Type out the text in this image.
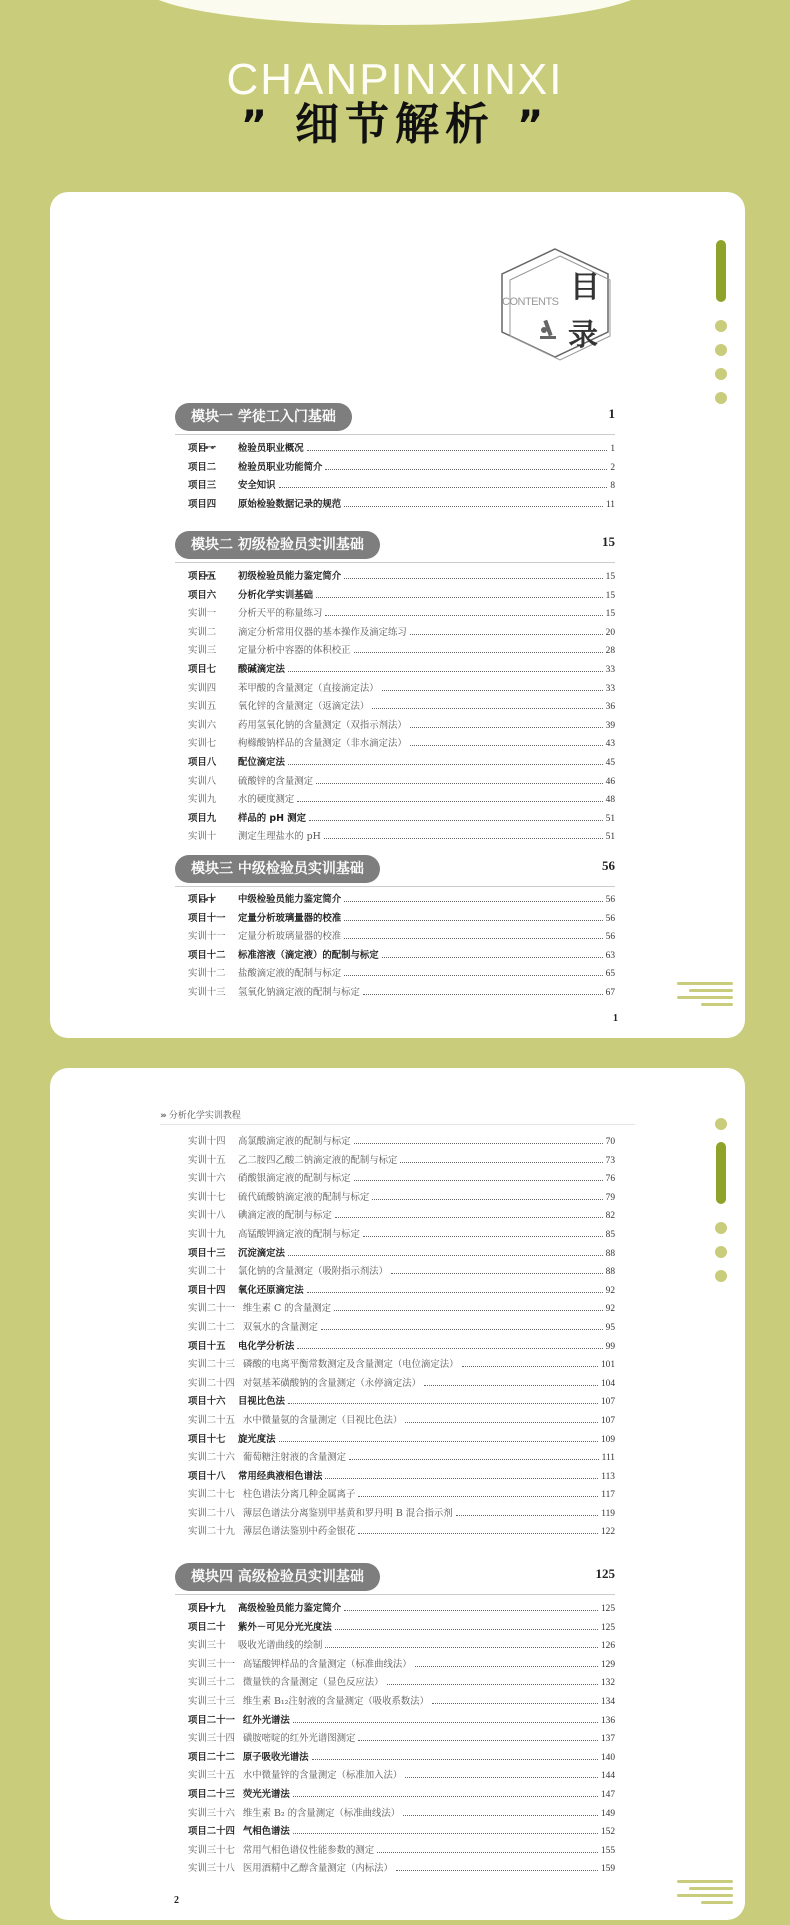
CHANPINXINXI
” 细节解析 ”
CONTENTS 目
录
模块一 学徒工入门基础	1
项目一	检验员职业概况	1
项目二	检验员职业功能简介	2
项目三	安全知识	8
项目四	原始检验数据记录的规范	11
模块二 初级检验员实训基础	15
项目五	初级检验员能力鉴定简介	15
项目六	分析化学实训基础	15
实训一	分析天平的称量练习	15
实训二	滴定分析常用仪器的基本操作及滴定练习	20
实训三	定量分析中容器的体积校正	28
项目七	酸碱滴定法	33
实训四	苯甲酸的含量测定（直接滴定法）	33
实训五	氧化锌的含量测定（返滴定法）	36
实训六	药用氢氧化钠的含量测定（双指示剂法）	39
实训七	枸橼酸钠样品的含量测定（非水滴定法）	43
项目八	配位滴定法	45
实训八	硫酸锌的含量测定	46
实训九	水的硬度测定	48
项目九	样品的 pH 测定	51
实训十	测定生理盐水的 pH	51
模块三 中级检验员实训基础	56
项目十	中级检验员能力鉴定简介	56
项目十一	定量分析玻璃量器的校准	56
实训十一	定量分析玻璃量器的校准	56
项目十二	标准溶液（滴定液）的配制与标定	63
实训十二	盐酸滴定液的配制与标定	65
实训十三	氢氧化钠滴定液的配制与标定	67
1
››› 分析化学实训教程
实训十四	高氯酸滴定液的配制与标定	70
实训十五	乙二胺四乙酸二钠滴定液的配制与标定	73
实训十六	硝酸银滴定液的配制与标定	76
实训十七	硫代硫酸钠滴定液的配制与标定	79
实训十八	碘滴定液的配制与标定	82
实训十九	高锰酸钾滴定液的配制与标定	85
项目十三	沉淀滴定法	88
实训二十	氯化钠的含量测定（吸附指示剂法）	88
项目十四	氧化还原滴定法	92
实训二十一 维生素 C 的含量测定	92
实训二十二 双氧水的含量测定	95
项目十五	电化学分析法	99
实训二十三 磷酸的电离平衡常数测定及含量测定（电位滴定法）	101
实训二十四 对氨基苯磺酸钠的含量测定（永停滴定法）	104
项目十六	目视比色法	107
实训二十五 水中微量氨的含量测定（目视比色法）	107
项目十七	旋光度法	109
实训二十六 葡萄糖注射液的含量测定	111
项目十八	常用经典液相色谱法	113
实训二十七 柱色谱法分离几种金属离子	117
实训二十八 薄层色谱法分离鉴别甲基黄和罗丹明 B 混合指示剂	119
实训二十九 薄层色谱法鉴别中药金银花	122
模块四 高级检验员实训基础	125
项目十九	高级检验员能力鉴定简介	125
项目二十	紫外－可见分光光度法	125
实训三十	吸收光谱曲线的绘制	126
实训三十一 高锰酸钾样品的含量测定（标准曲线法）	129
实训三十二 微量铁的含量测定（显色反应法）	132
实训三十三 维生素 B₁₂注射液的含量测定（吸收系数法）	134
项目二十一 红外光谱法	136
实训三十四 磺胺嘧啶的红外光谱图测定	137
项目二十二 原子吸收光谱法	140
实训三十五 水中微量锌的含量测定（标准加入法）	144
项目二十三 荧光光谱法	147
实训三十六 维生素 B₂ 的含量测定（标准曲线法）	149
项目二十四 气相色谱法	152
实训三十七 常用气相色谱仪性能参数的测定	155
实训三十八 医用酒精中乙醇含量测定（内标法）	159
2
